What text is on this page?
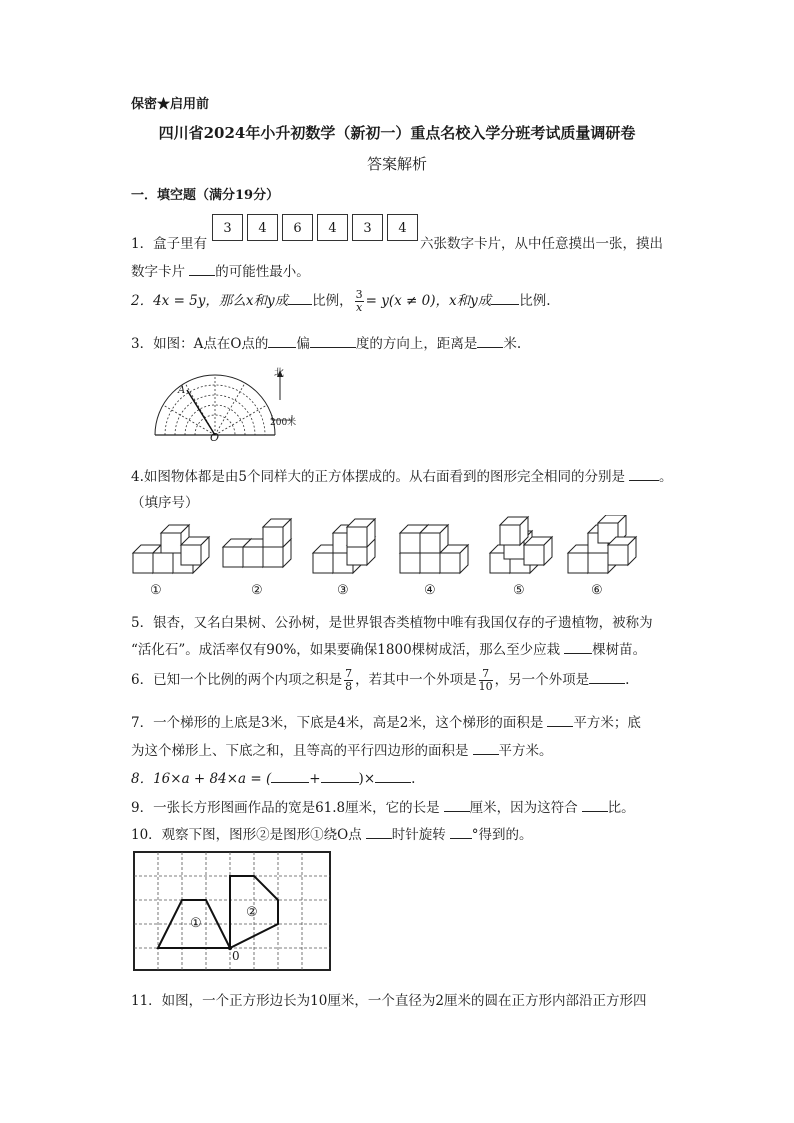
保密★启用前
四川省2024年小升初数学（新初一）重点名校入学分班考试质量调研卷
答案解析
一．填空题（满分19分）
1．盒子里有
3	4	6	4	3	4
六张数字卡片，从中任意摸出一张，摸出
数字卡片 的可能性最小。
2．4x = 5y，那么x和y成 比例， $\frac{3}{x} = y(x \ne 0)$，x和y成 比例.
3．如图：A点在O点的 偏	度的方向上，距离是 米.
北
200米
A
O
4.如图物体都是由5个同样大的正方体摆成的。从右面看到的图形完全相同的分别是	。
（填序号）
①	②	③	④	⑤	⑥
5．银杏，又名白果树、公孙树，是世界银杏类植物中唯有我国仅存的孑遗植物，被称为
“活化石”。成活率仅有90%，如果要确保1800棵树成活，那么至少应栽 棵树苗。
6．已知一个比例的两个内项之积是 $\frac{7}{8}$ ，若其中一个外项是 $\frac{7}{10}$ ，另一个外项是	.
7．一个梯形的上底是3米，下底是4米，高是2米，这个梯形的面积是 平方米；底
为这个梯形上、下底之和，且等高的平行四边形的面积是 平方米。
8．16×a + 84×a = (	+	)×	.
9．一张长方形图画作品的宽是61.8厘米，它的长是 厘米，因为这符合 比。
10．观察下图，图形②是图形①绕O点 时针旋转 °得到的。
①
②
0
11．如图，一个正方形边长为10厘米，一个直径为2厘米的圆在正方形内部沿正方形四
